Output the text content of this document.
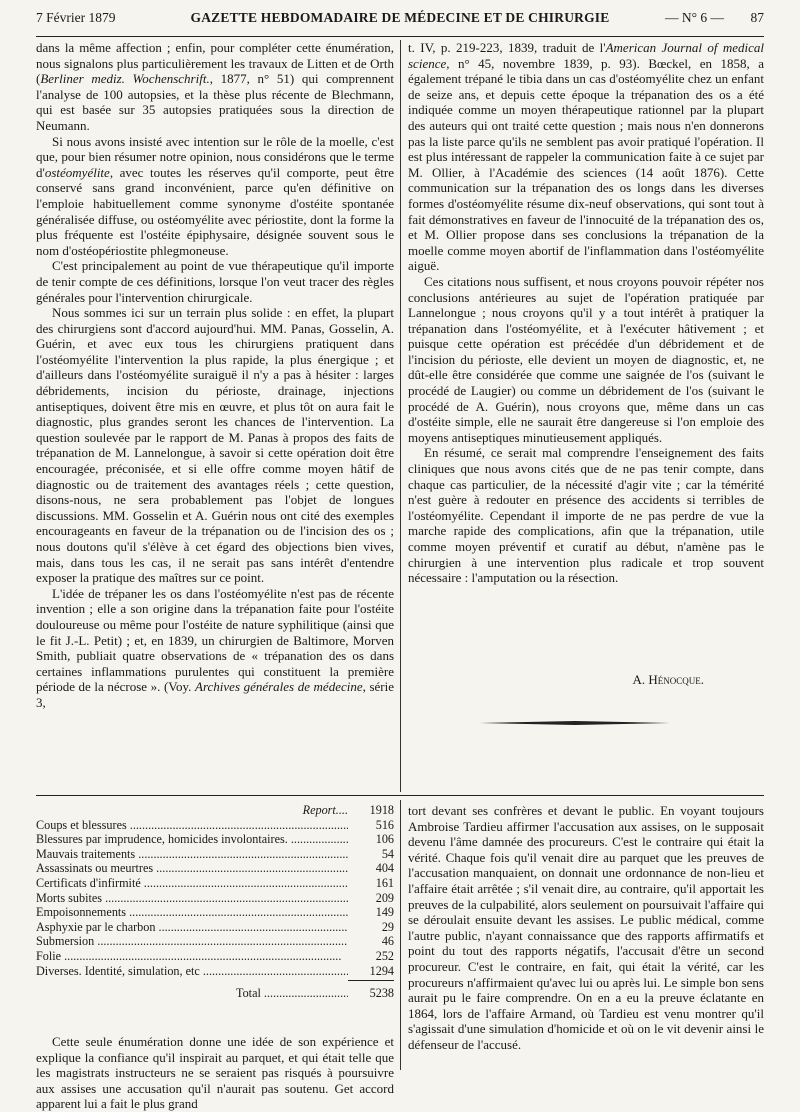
7 Février 1879	GAZETTE HEBDOMADAIRE DE MÉDECINE ET DE CHIRURGIE	— N° 6 —	87

dans la même affection ; enfin, pour compléter cette énumération, nous signalons plus particulièrement les travaux de Litten et de Orth (Berliner mediz. Wochenschrift., 1877, n° 51) qui comprennent l'analyse de 100 autopsies, et la thèse plus récente de Blechmann, qui est basée sur 35 autopsies pratiquées sous la direction de Neumann.

Si nous avons insisté avec intention sur le rôle de la moelle, c'est que, pour bien résumer notre opinion, nous considérons que le terme d'ostéomyélite, avec toutes les réserves qu'il comporte, peut être conservé sans grand inconvénient, parce qu'en définitive on l'emploie habituellement comme synonyme d'ostéite spontanée généralisée diffuse, ou ostéomyélite avec périostite, dont la forme la plus fréquente est l'ostéite épiphysaire, désignée souvent sous le nom d'ostéopériostite phlegmoneuse.

C'est principalement au point de vue thérapeutique qu'il importe de tenir compte de ces définitions, lorsque l'on veut tracer des règles générales pour l'intervention chirurgicale.

Nous sommes ici sur un terrain plus solide : en effet, la plupart des chirurgiens sont d'accord aujourd'hui. MM. Panas, Gosselin, A. Guérin, et avec eux tous les chirurgiens pratiquent dans l'ostéomyélite l'intervention la plus rapide, la plus énergique ; et d'ailleurs dans l'ostéomyélite suraiguë il n'y a pas à hésiter : larges débridements, incision du périoste, drainage, injections antiseptiques, doivent être mis en œuvre, et plus tôt on aura fait le diagnostic, plus grandes seront les chances de l'intervention. La question soulevée par le rapport de M. Panas à propos des faits de trépanation de M. Lannelongue, à savoir si cette opération doit être encouragée, préconisée, et si elle offre comme moyen hâtif de diagnostic ou de traitement des avantages réels ; cette question, disons-nous, ne sera probablement pas l'objet de longues discussions. MM. Gosselin et A. Guérin nous ont cité des exemples encourageants en faveur de la trépanation ou de l'incision des os ; nous doutons qu'il s'élève à cet égard des objections bien vives, mais, dans tous les cas, il ne serait pas sans intérêt d'entendre exposer la pratique des maîtres sur ce point.

L'idée de trépaner les os dans l'ostéomyélite n'est pas de récente invention ; elle a son origine dans la trépanation faite pour l'ostéite douloureuse ou même pour l'ostéite de nature syphilitique (ainsi que le fit J.-L. Petit) ; et, en 1839, un chirurgien de Baltimore, Morven Smith, publiait quatre observations de « trépanation des os dans certaines inflammations purulentes qui constituent la première période de la nécrose ». (Voy. Archives générales de médecine, série 3,

t. IV, p. 219-223, 1839, traduit de l'American Journal of medical science, n° 45, novembre 1839, p. 93). Bœckel, en 1858, a également trépané le tibia dans un cas d'ostéomyélite chez un enfant de seize ans, et depuis cette époque la trépanation des os a été indiquée comme un moyen thérapeutique rationnel par la plupart des auteurs qui ont traité cette question ; mais nous n'en donnerons pas la liste parce qu'ils ne semblent pas avoir pratiqué l'opération. Il est plus intéressant de rappeler la communication faite à ce sujet par M. Ollier, à l'Académie des sciences (14 août 1876). Cette communication sur la trépanation des os longs dans les diverses formes d'ostéomyélite résume dix-neuf observations, qui sont tout à fait démonstratives en faveur de l'innocuité de la trépanation des os, et M. Ollier propose dans ses conclusions la trépanation de la moelle comme moyen abortif de l'inflammation dans l'ostéomyélite aiguë.

Ces citations nous suffisent, et nous croyons pouvoir répéter nos conclusions antérieures au sujet de l'opération pratiquée par Lannelongue ; nous croyons qu'il y a tout intérêt à pratiquer la trépanation dans l'ostéomyélite, et à l'exécuter hâtivement ; et puisque cette opération est précédée d'un débridement et de l'incision du périoste, elle devient un moyen de diagnostic, et, ne dût-elle être considérée que comme une saignée de l'os (suivant le procédé de Laugier) ou comme un débridement de l'os (suivant le procédé de A. Guérin), nous croyons que, même dans un cas d'ostéite simple, elle ne saurait être dangereuse si l'on emploie des moyens antiseptiques minutieusement appliqués.

En résumé, ce serait mal comprendre l'enseignement des faits cliniques que nous avons cités que de ne pas tenir compte, dans chaque cas particulier, de la nécessité d'agir vite ; car la témérité n'est guère à redouter en présence des accidents si terribles de l'ostéomyélite. Cependant il importe de ne pas perdre de vue la marche rapide des complications, afin que la trépanation, utile comme moyen préventif et curatif au début, n'amène pas le chirurgien à une intervention plus radicale et trop souvent nécessaire : l'amputation ou la résection.

A. Hénocque.
Report....	1918
Coups et blessures .....	516
Blessures par imprudence, homicides involontaires. .....	106
Mauvais traitements .....	54
Assassinats ou meurtres .....	404
Certificats d'infirmité .....	161
Morts subites .....	209
Empoisonnements .....	149
Asphyxie par le charbon .....	29
Submersion .....	46
Folie .....	252
Diverses. Identité, simulation, etc .....	1294
Total .....	5238

Cette seule énumération donne une idée de son expérience et explique la confiance qu'il inspirait au parquet, et qui était telle que les magistrats instructeurs ne se seraient pas risqués à poursuivre aux assises une accusation qu'il n'aurait pas soutenu. Get accord apparent lui a fait le plus grand

tort devant ses confrères et devant le public. En voyant toujours Ambroise Tardieu affirmer l'accusation aux assises, on le supposait devenu l'âme damnée des procureurs. C'est le contraire qui était la vérité. Chaque fois qu'il venait dire au parquet que les preuves de l'accusation manquaient, on donnait une ordonnance de non-lieu et l'affaire était arrêtée ; s'il venait dire, au contraire, qu'il apportait les preuves de la culpabilité, alors seulement on poursuivait l'affaire qui se déroulait ensuite devant les assises. Le public médical, comme l'autre public, n'ayant connaissance que des rapports affirmatifs et point du tout des rapports négatifs, l'accusait d'être un second procureur. C'est le contraire, en fait, qui était la vérité, car les procureurs n'affirmaient qu'avec lui ou après lui. Le simple bon sens aurait pu le faire comprendre. On en a eu la preuve éclatante en 1864, lors de l'affaire Armand, où Tardieu est venu montrer qu'il s'agissait d'une simulation d'homicide et où on le vit devenir ainsi le défenseur de l'accusé.
